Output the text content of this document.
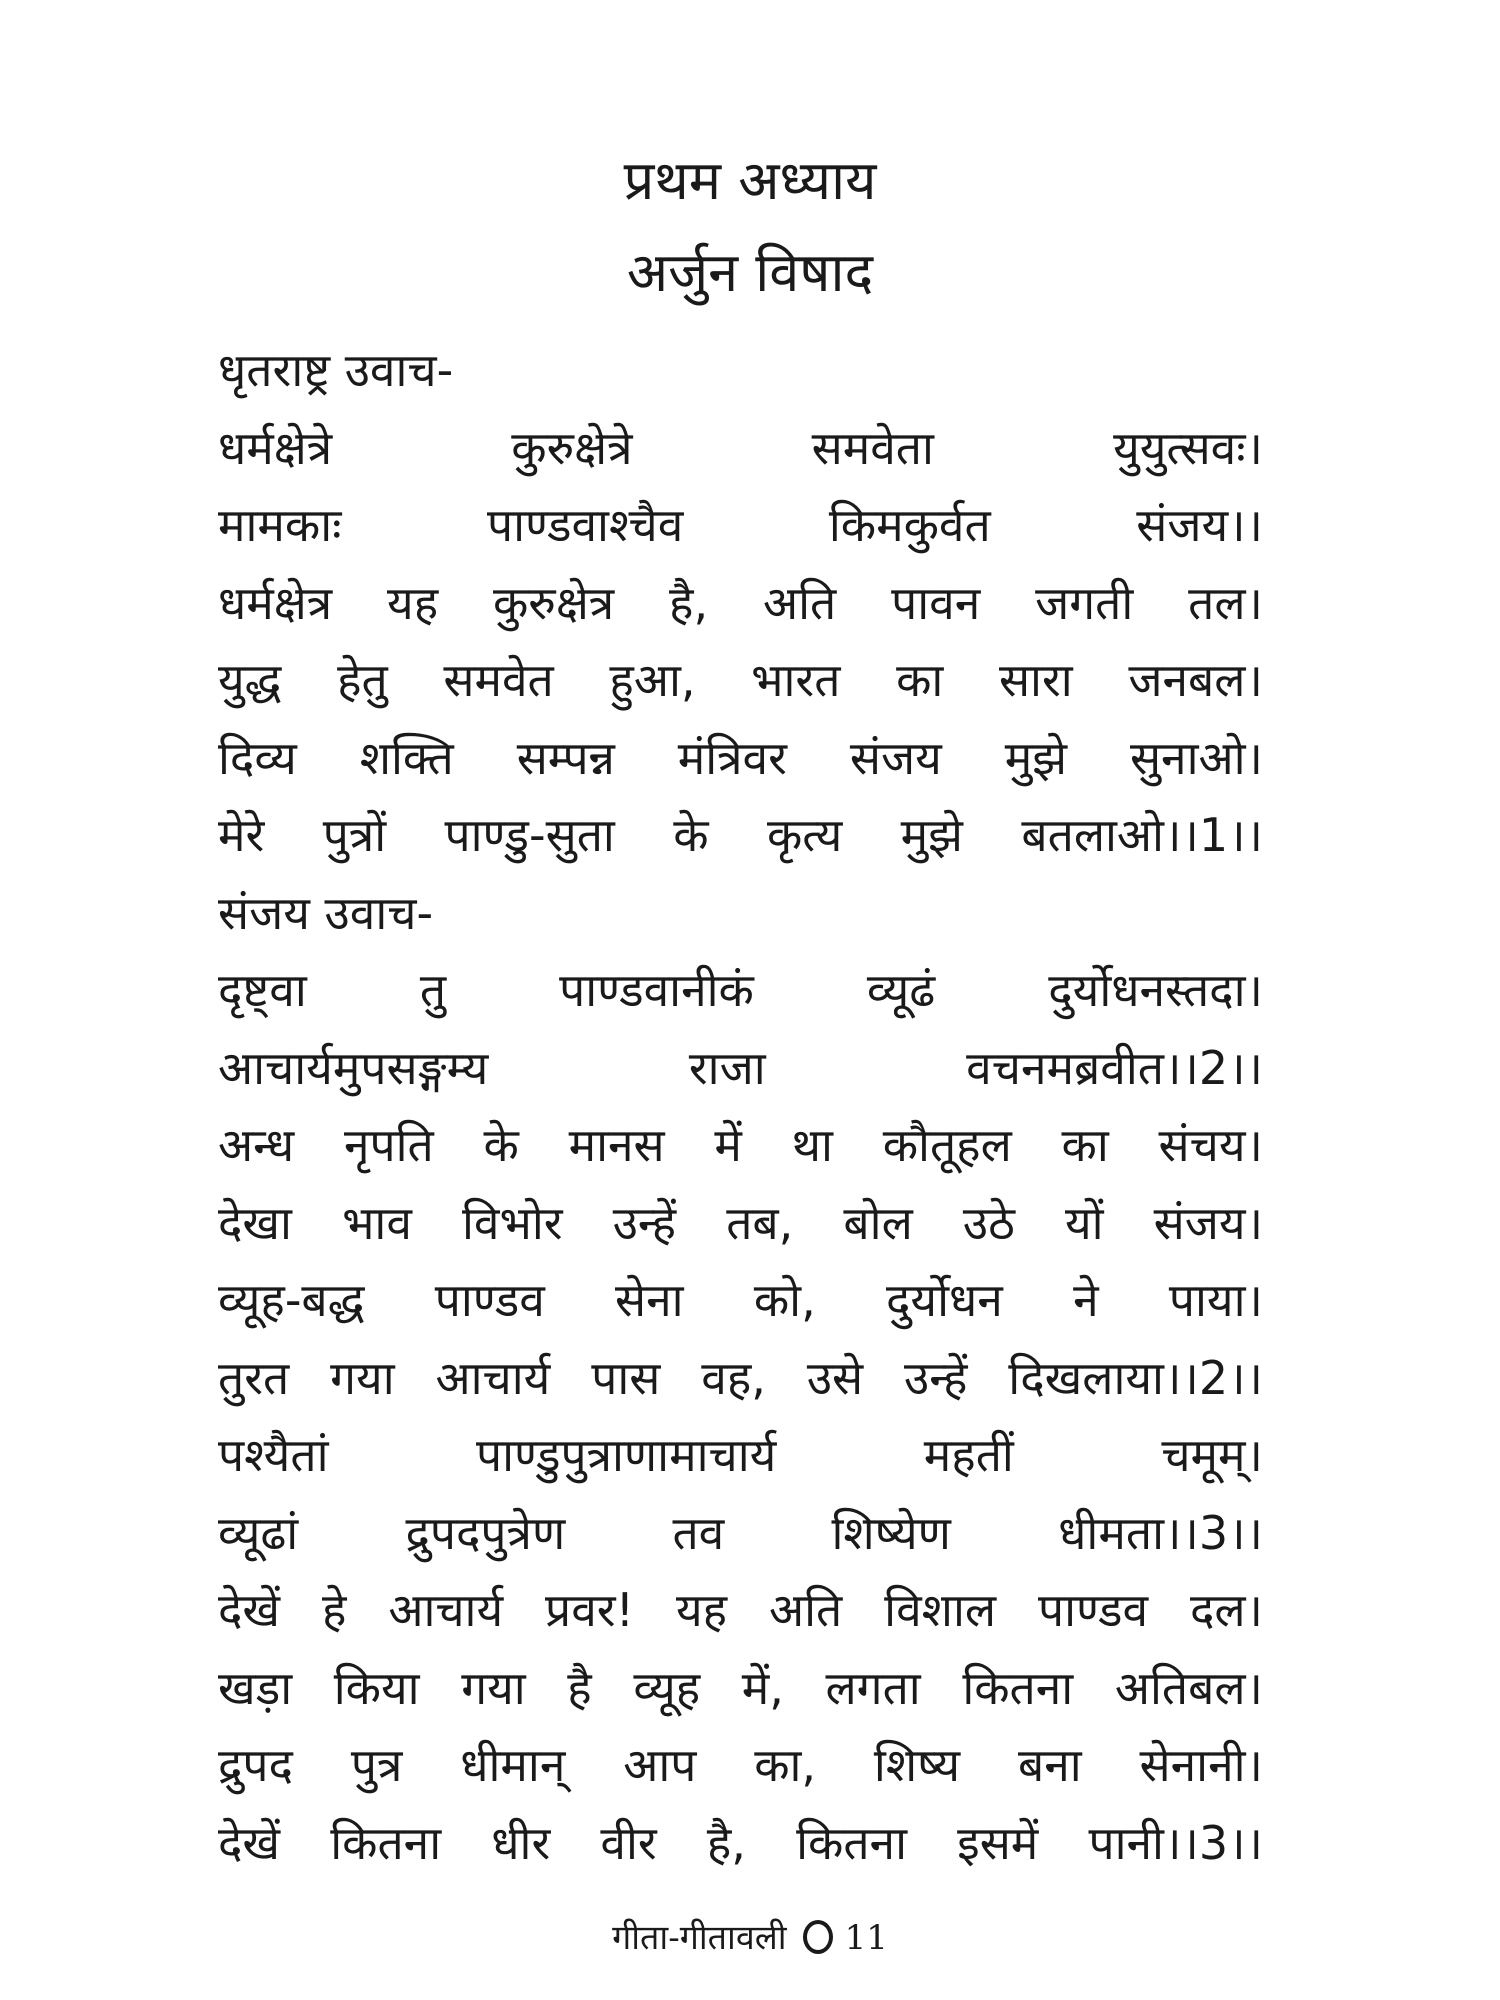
प्रथम अध्याय
अर्जुन विषाद
धृतराष्ट्र उवाच-
धर्मक्षेत्रे	कुरुक्षेत्रे	समवेता	युयुत्सवः।
मामकाः	पाण्डवाश्चैव	किमकुर्वत	संजय।।
धर्मक्षेत्र यह कुरुक्षेत्र है, अति पावन जगती तल।
युद्ध हेतु समवेत हुआ, भारत का सारा जनबल।
दिव्य शक्ति सम्पन्न मंत्रिवर संजय मुझे सुनाओ।
मेरे पुत्रों पाण्डु-सुता के कृत्य मुझे बतलाओ।।1।।
संजय उवाच-
दृष्ट्वा तु पाण्डवानीकं व्यूढं दुर्योधनस्तदा।
आचार्यमुपसङ्गम्य	राजा	वचनमब्रवीत।।2।।
अन्ध नृपति के मानस में था कौतूहल का संचय।
देखा भाव विभोर उन्हें तब, बोल उठे यों संजय।
व्यूह-बद्ध पाण्डव सेना को, दुर्योधन ने पाया।
तुरत गया आचार्य पास वह, उसे उन्हें दिखलाया।।2।।
पश्यैतां	पाण्डुपुत्राणामाचार्य	महतीं	चमूम्।
व्यूढां द्रुपदपुत्रेण तव शिष्येण धीमता।।3।।
देखें हे आचार्य प्रवर! यह अति विशाल पाण्डव दल।
खड़ा किया गया है व्यूह में, लगता कितना अतिबल।
द्रुपद पुत्र धीमान् आप का, शिष्य बना सेनानी।
देखें कितना धीर वीर है, कितना इसमें पानी।।3।।
गीता-गीतावली 11
